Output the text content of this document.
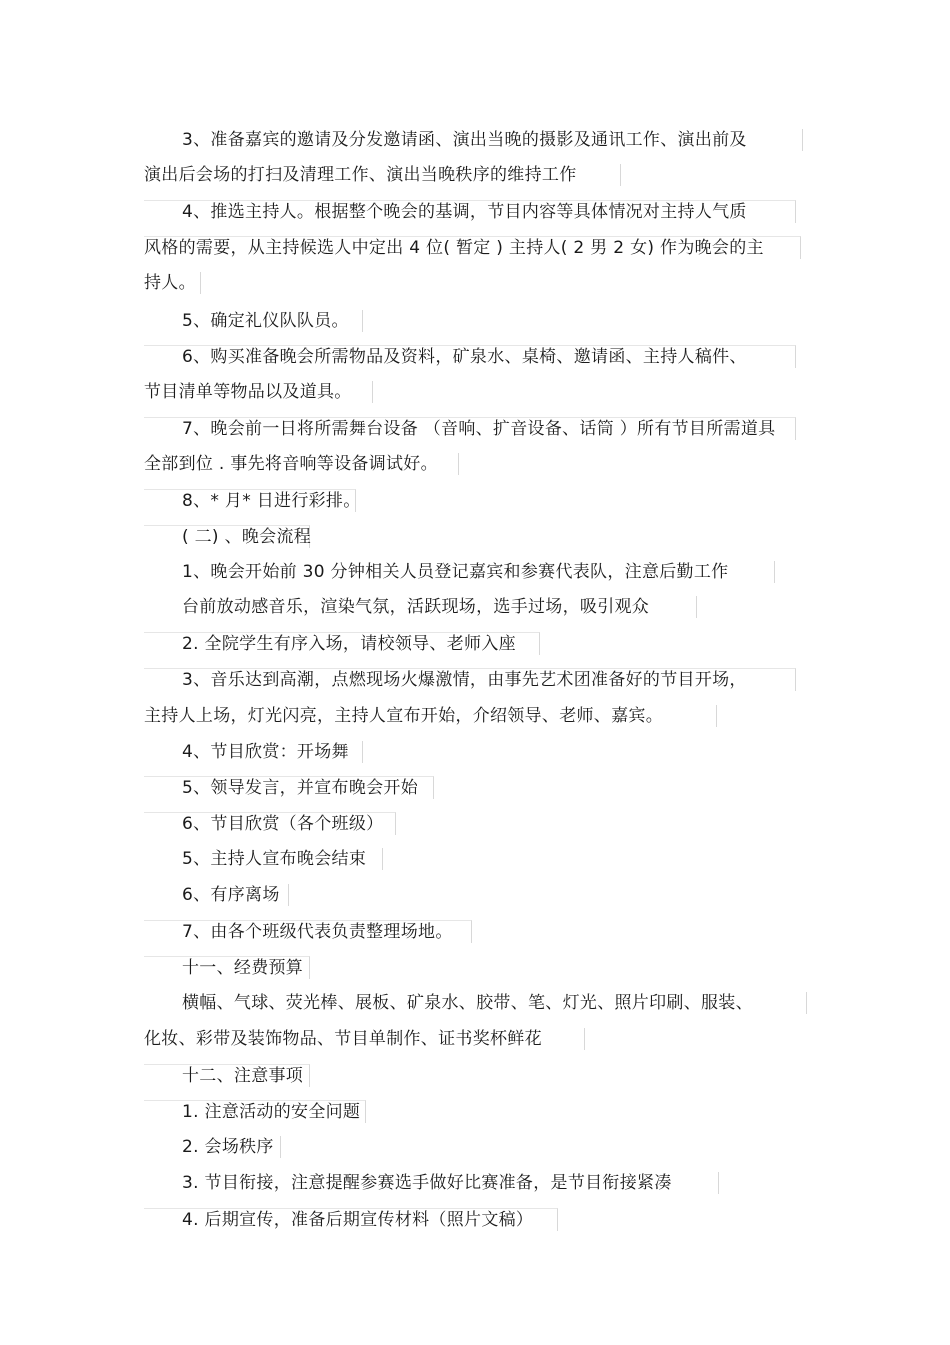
3、准备嘉宾的邀请及分发邀请函、演出当晚的摄影及通讯工作、演出前及
演出后会场的打扫及清理工作、演出当晚秩序的维持工作
4、推选主持人。根据整个晚会的基调，节目内容等具体情况对主持人气质
风格的需要，从主持候选人中定出 4 位( 暂定 ) 主持人( 2 男 2 女) 作为晚会的主
持人。
5、确定礼仪队队员。
6、购买准备晚会所需物品及资料，矿泉水、桌椅、邀请函、主持人稿件、
节目清单等物品以及道具。
7、晚会前一日将所需舞台设备 （音响、扩音设备、话筒 ）所有节目所需道具
全部到位 . 事先将音响等设备调试好。
8、* 月* 日进行彩排。
( 二) 、晚会流程
1、晚会开始前 30 分钟相关人员登记嘉宾和参赛代表队，注意后勤工作
台前放动感音乐，渲染气氛，活跃现场，选手过场，吸引观众
2. 全院学生有序入场，请校领导、老师入座
3、音乐达到高潮，点燃现场火爆激情，由事先艺术团准备好的节目开场，
主持人上场，灯光闪亮，主持人宣布开始，介绍领导、老师、嘉宾。
4、节目欣赏：开场舞
5、领导发言，并宣布晚会开始
6、节目欣赏（各个班级）
5、主持人宣布晚会结束
6、有序离场
7、由各个班级代表负责整理场地。
十一、经费预算
横幅、气球、荧光棒、展板、矿泉水、胶带、笔、灯光、照片印刷、服装、
化妆、彩带及装饰物品、节目单制作、证书奖杯鲜花
十二、注意事项
1. 注意活动的安全问题
2. 会场秩序
3. 节目衔接，注意提醒参赛选手做好比赛准备，是节目衔接紧凑
4. 后期宣传，准备后期宣传材料（照片文稿）
